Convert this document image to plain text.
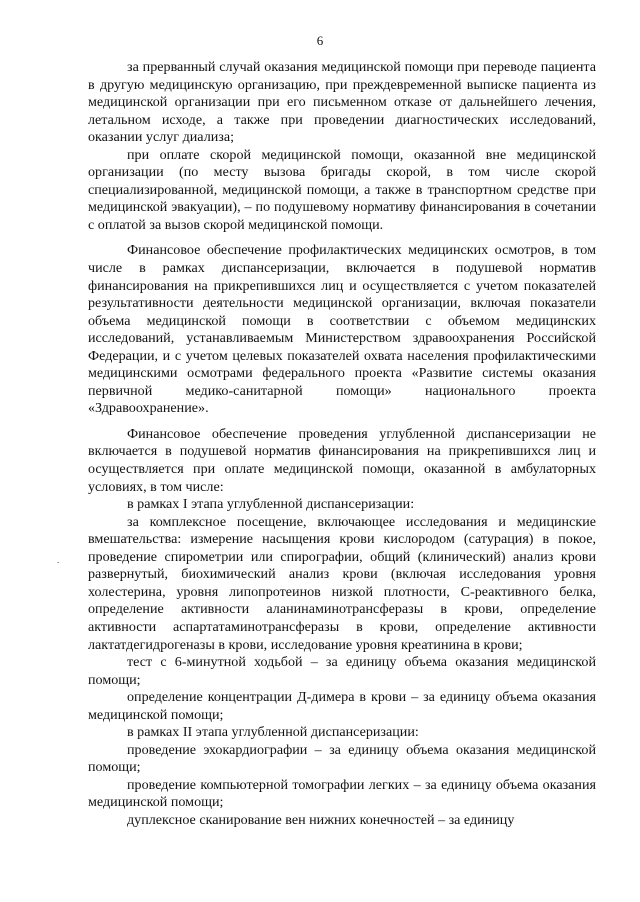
6
.

за прерванный случай оказания медицинской помощи при переводе пациента в другую медицинскую организацию, при преждевременной выписке пациента из медицинской организации при его письменном отказе от дальнейшего лечения, летальном исходе, а также при проведении диагностических исследований, оказании услуг диализа;

при оплате скорой медицинской помощи, оказанной вне медицинской организации (по месту вызова бригады скорой, в том числе скорой специализированной, медицинской помощи, а также в транспортном средстве при медицинской эвакуации), – по подушевому нормативу финансирования в сочетании с оплатой за вызов скорой медицинской помощи.

Финансовое обеспечение профилактических медицинских осмотров, в том числе в рамках диспансеризации, включается в подушевой норматив финансирования на прикрепившихся лиц и осуществляется с учетом показателей результативности деятельности медицинской организации, включая показатели объема медицинской помощи в соответствии с объемом медицинских исследований, устанавливаемым Министерством здравоохранения Российской Федерации, и с учетом целевых показателей охвата населения профилактическими медицинскими осмотрами федерального проекта «Развитие системы оказания первичной медико-санитарной помощи» национального проекта «Здравоохранение».

Финансовое обеспечение проведения углубленной диспансеризации не включается в подушевой норматив финансирования на прикрепившихся лиц и осуществляется при оплате медицинской помощи, оказанной в амбулаторных условиях, в том числе:

в рамках I этапа углубленной диспансеризации:

за комплексное посещение, включающее исследования и медицинские вмешательства: измерение насыщения крови кислородом (сатурация) в покое, проведение спирометрии или спирографии, общий (клинический) анализ крови развернутый, биохимический анализ крови (включая исследования уровня холестерина, уровня липопротеинов низкой плотности, С-реактивного белка, определение активности аланинаминотрансферазы в крови, определение активности аспартатаминотрансферазы в крови, определение активности лактатдегидрогеназы в крови, исследование уровня креатинина в крови;

тест с 6-минутной ходьбой – за единицу объема оказания медицинской помощи;

определение концентрации Д-димера в крови – за единицу объема оказания медицинской помощи;

в рамках II этапа углубленной диспансеризации:

проведение эхокардиографии – за единицу объема оказания медицинской помощи;

проведение компьютерной томографии легких – за единицу объема оказания медицинской помощи;

дуплексное сканирование вен нижних конечностей – за единицу
